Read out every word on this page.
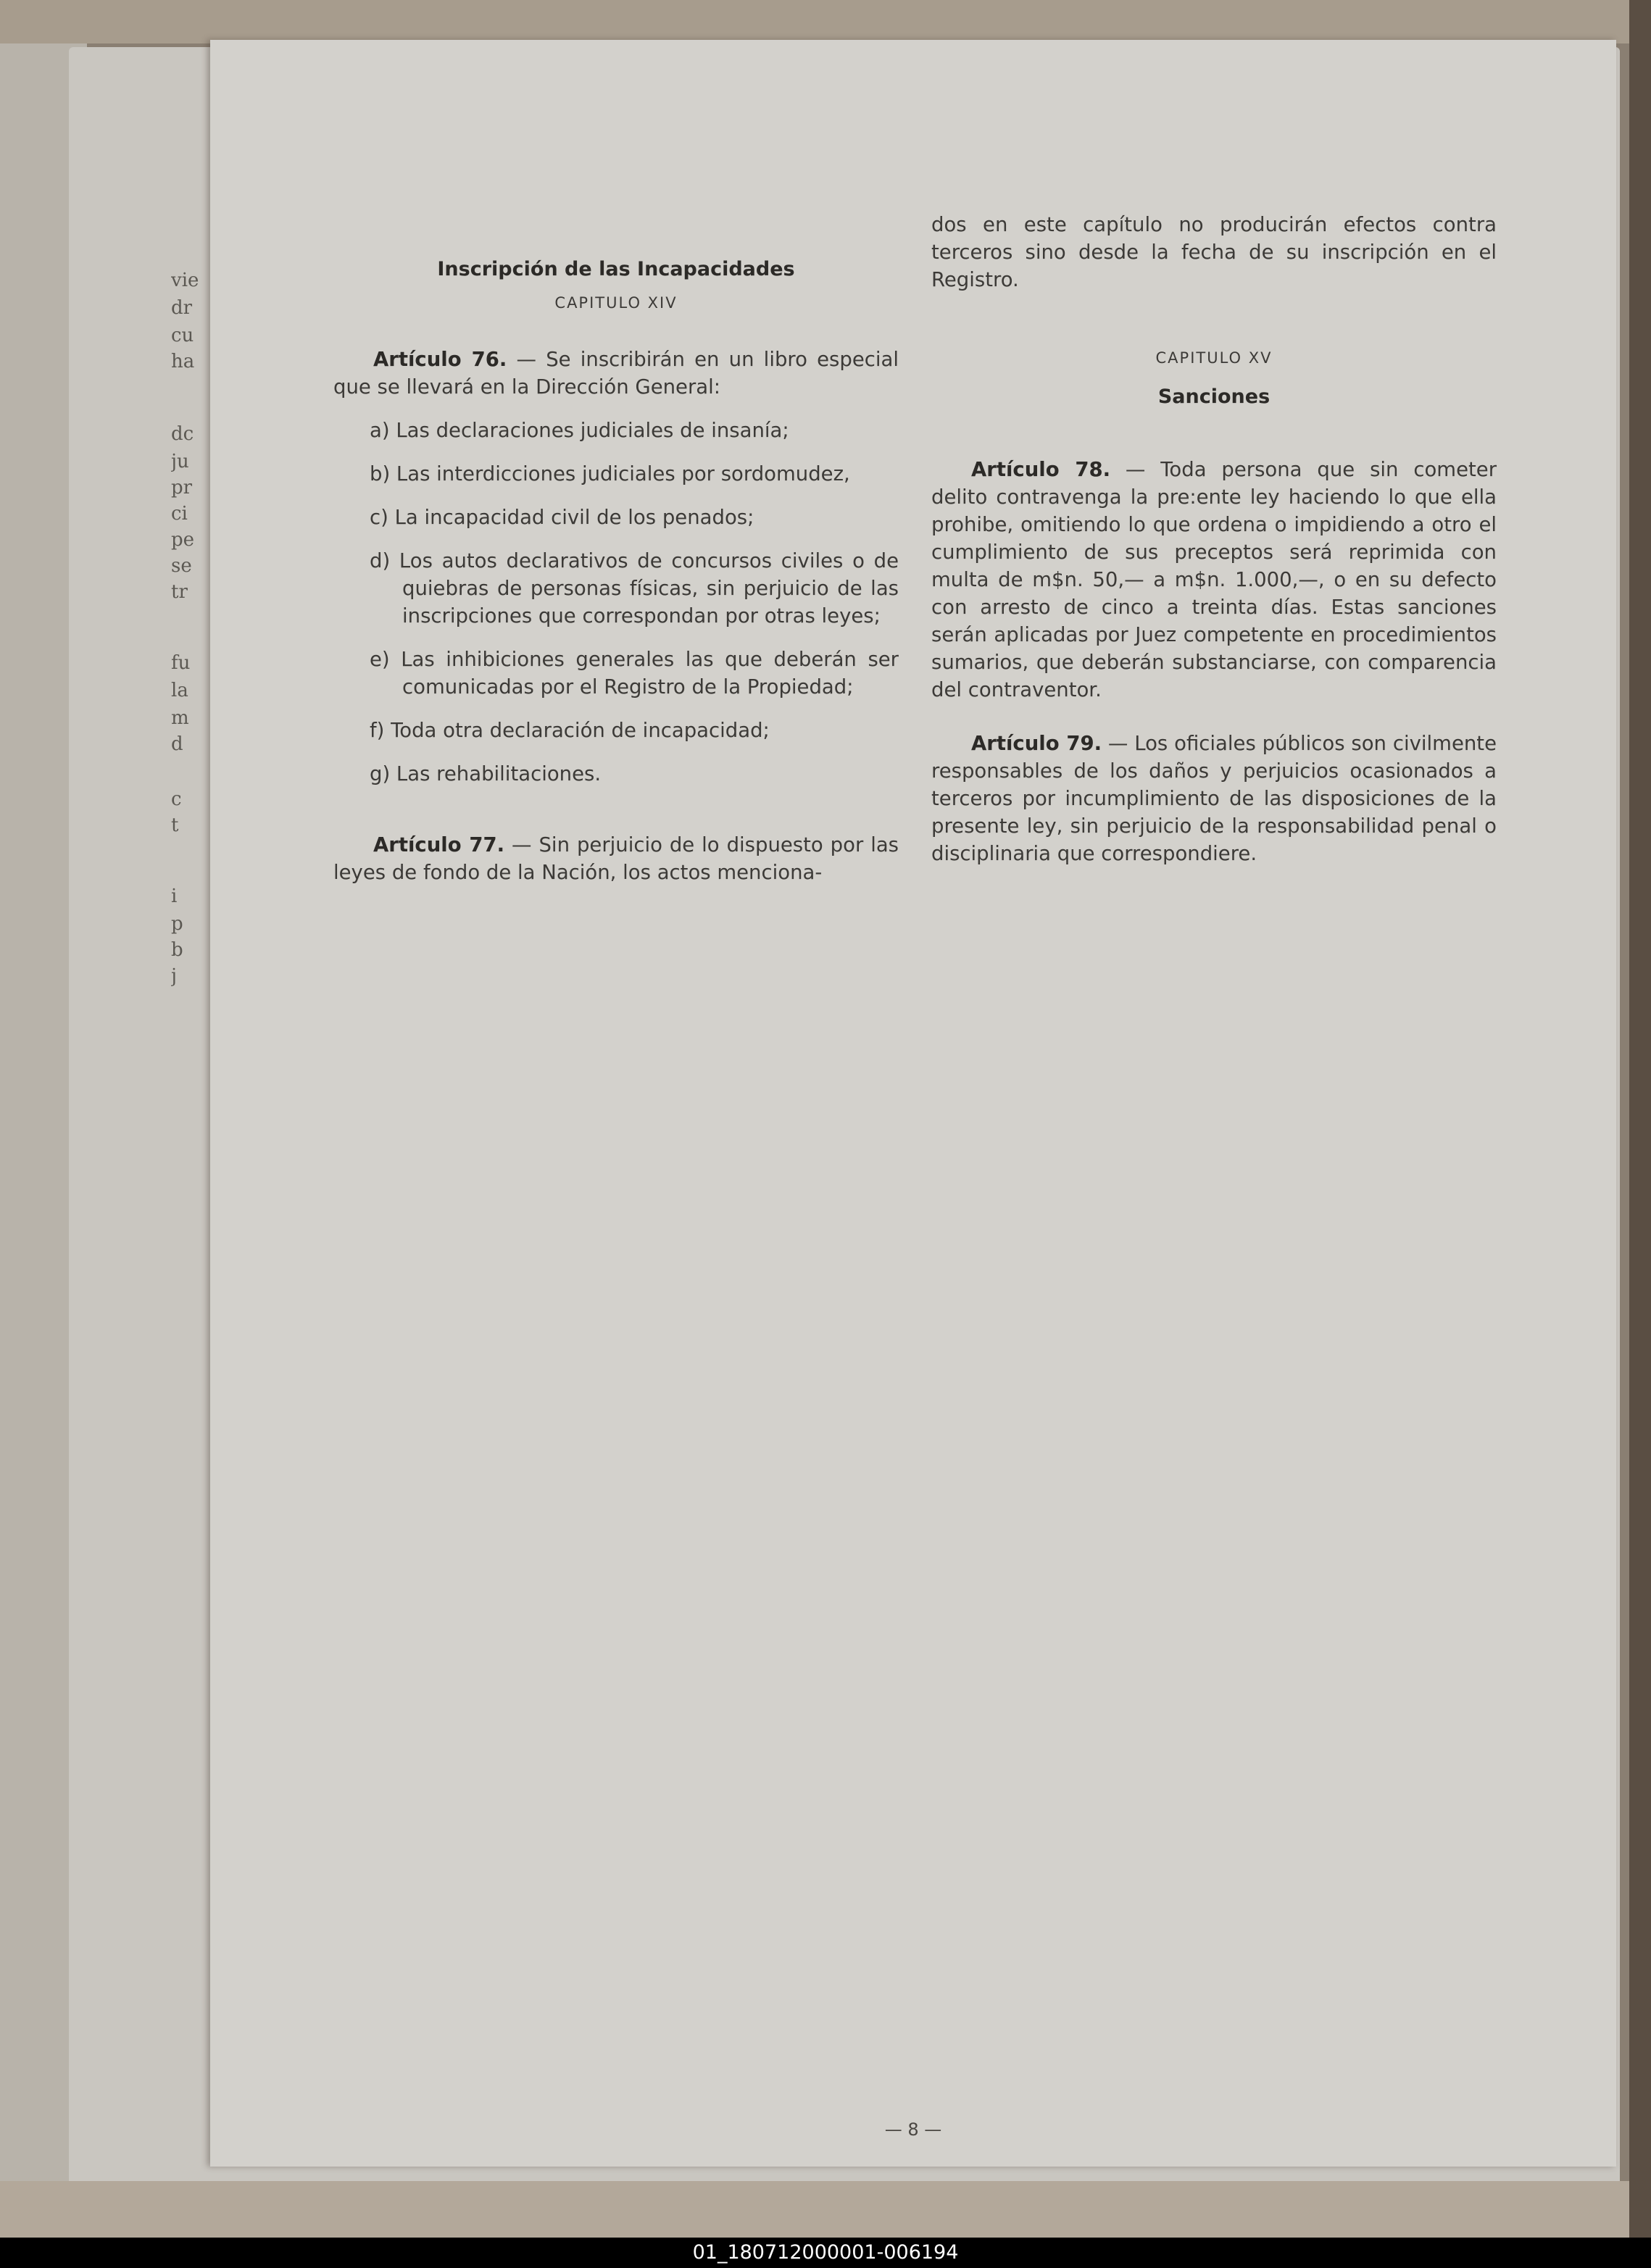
vie
dr
cu
ha
dc
ju
pr
ci
pe
se
tr
fu
la
m
d
c
t
i
p
b
j
Inscripción de las Incapacidades
CAPITULO XIV

Artículo 76. — Se inscribirán en un libro especial que se llevará en la Dirección General:

a) Las declaraciones judiciales de insanía;

b) Las interdicciones judiciales por sordomudez,

c) La incapacidad civil de los penados;

d) Los autos declarativos de concursos civiles o de quiebras de personas físicas, sin perjuicio de las inscripciones que correspondan por otras leyes;

e) Las inhibiciones generales las que deberán ser comunicadas por el Registro de la Propiedad;

f) Toda otra declaración de incapacidad;

g) Las rehabilitaciones.

Artículo 77. — Sin perjuicio de lo dispuesto por las leyes de fondo de la Nación, los actos menciona-

dos en este capítulo no producirán efectos contra terceros sino desde la fecha de su inscripción en el Registro.

CAPITULO XV
Sanciones

Artículo 78. — Toda persona que sin cometer delito contravenga la pre:ente ley haciendo lo que ella prohibe, omitiendo lo que ordena o impidiendo a otro el cumplimiento de sus preceptos será reprimida con multa de m$n. 50,— a m$n. 1.000,—, o en su defecto con arresto de cinco a treinta días. Estas sanciones serán aplicadas por Juez competente en procedimientos sumarios, que deberán substanciarse, con comparencia del contraventor.

Artículo 79. — Los oficiales públicos son civilmente responsables de los daños y perjuicios ocasionados a terceros por incumplimiento de las disposiciones de la presente ley, sin perjuicio de la responsabilidad penal o disciplinaria que correspondiere.

— 8 —
01_180712000001-006194
